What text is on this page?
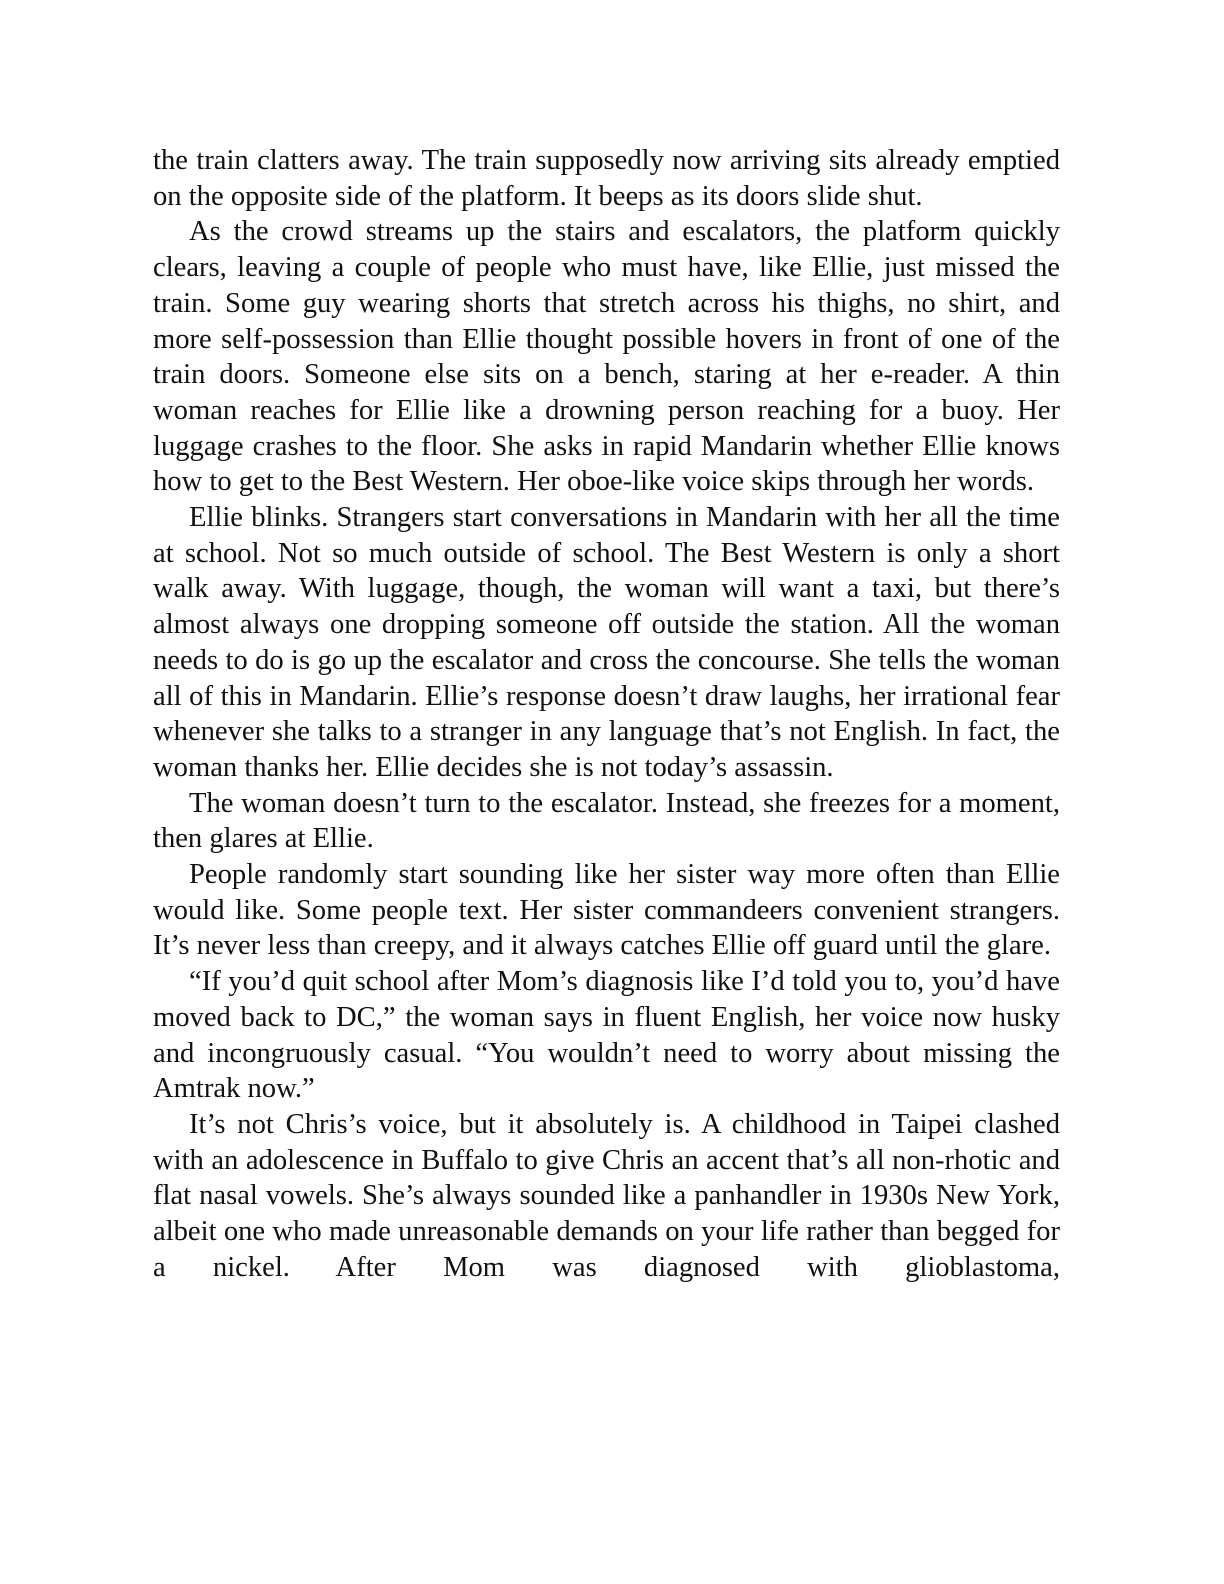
the train clatters away. The train supposedly now arriving sits already emptied on the opposite side of the platform. It beeps as its doors slide shut.

As the crowd streams up the stairs and escalators, the platform quickly clears, leaving a couple of people who must have, like Ellie, just missed the train. Some guy wearing shorts that stretch across his thighs, no shirt, and more self-possession than Ellie thought possible hovers in front of one of the train doors. Someone else sits on a bench, staring at her e-reader. A thin woman reaches for Ellie like a drowning person reaching for a buoy. Her luggage crashes to the floor. She asks in rapid Mandarin whether Ellie knows how to get to the Best Western. Her oboe-like voice skips through her words.

Ellie blinks. Strangers start conversations in Mandarin with her all the time at school. Not so much outside of school. The Best Western is only a short walk away. With luggage, though, the woman will want a taxi, but there’s almost always one dropping someone off outside the station. All the woman needs to do is go up the escalator and cross the concourse. She tells the woman all of this in Mandarin. Ellie’s response doesn’t draw laughs, her irrational fear whenever she talks to a stranger in any language that’s not English. In fact, the woman thanks her. Ellie decides she is not today’s assassin.

The woman doesn’t turn to the escalator. Instead, she freezes for a moment, then glares at Ellie.

People randomly start sounding like her sister way more often than Ellie would like. Some people text. Her sister commandeers convenient strangers. It’s never less than creepy, and it always catches Ellie off guard until the glare.

“If you’d quit school after Mom’s diagnosis like I’d told you to, you’d have moved back to DC,” the woman says in fluent English, her voice now husky and incongruously casual. “You wouldn’t need to worry about missing the Amtrak now.”

It’s not Chris’s voice, but it absolutely is. A childhood in Taipei clashed with an adolescence in Buffalo to give Chris an accent that’s all non-rhotic and flat nasal vowels. She’s always sounded like a panhandler in 1930s New York, albeit one who made unreasonable demands on your life rather than begged for a nickel. After Mom was diagnosed with glioblastoma,
